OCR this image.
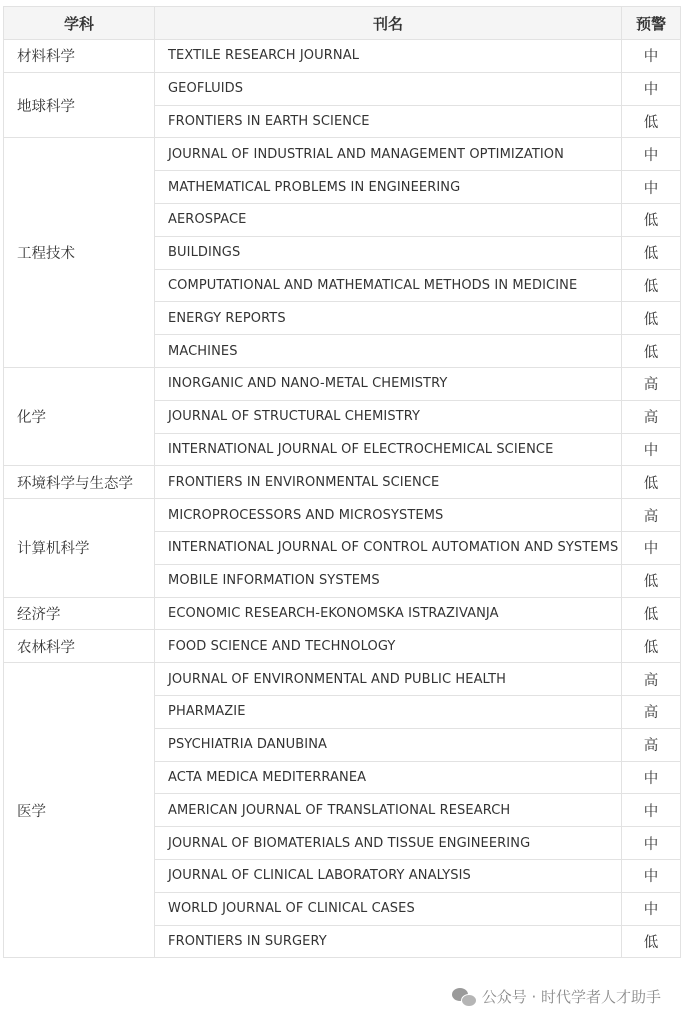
学科	刊名	预警
材料科学	TEXTILE RESEARCH JOURNAL	中
地球科学	GEOFLUIDS	中
	FRONTIERS IN EARTH SCIENCE	低
工程技术	JOURNAL OF INDUSTRIAL AND MANAGEMENT OPTIMIZATION	中
	MATHEMATICAL PROBLEMS IN ENGINEERING	中
	AEROSPACE	低
	BUILDINGS	低
	COMPUTATIONAL AND MATHEMATICAL METHODS IN MEDICINE	低
	ENERGY REPORTS	低
	MACHINES	低
化学	INORGANIC AND NANO-METAL CHEMISTRY	高
	JOURNAL OF STRUCTURAL CHEMISTRY	高
	INTERNATIONAL JOURNAL OF ELECTROCHEMICAL SCIENCE	中
环境科学与生态学	FRONTIERS IN ENVIRONMENTAL SCIENCE	低
计算机科学	MICROPROCESSORS AND MICROSYSTEMS	高
	INTERNATIONAL JOURNAL OF CONTROL AUTOMATION AND SYSTEMS	中
	MOBILE INFORMATION SYSTEMS	低
经济学	ECONOMIC RESEARCH-EKONOMSKA ISTRAZIVANJA	低
农林科学	FOOD SCIENCE AND TECHNOLOGY	低
医学	JOURNAL OF ENVIRONMENTAL AND PUBLIC HEALTH	高
	PHARMAZIE	高
	PSYCHIATRIA DANUBINA	高
	ACTA MEDICA MEDITERRANEA	中
	AMERICAN JOURNAL OF TRANSLATIONAL RESEARCH	中
	JOURNAL OF BIOMATERIALS AND TISSUE ENGINEERING	中
	JOURNAL OF CLINICAL LABORATORY ANALYSIS	中
	WORLD JOURNAL OF CLINICAL CASES	中
	FRONTIERS IN SURGERY	低
公众号 · 时代学者人才助手
